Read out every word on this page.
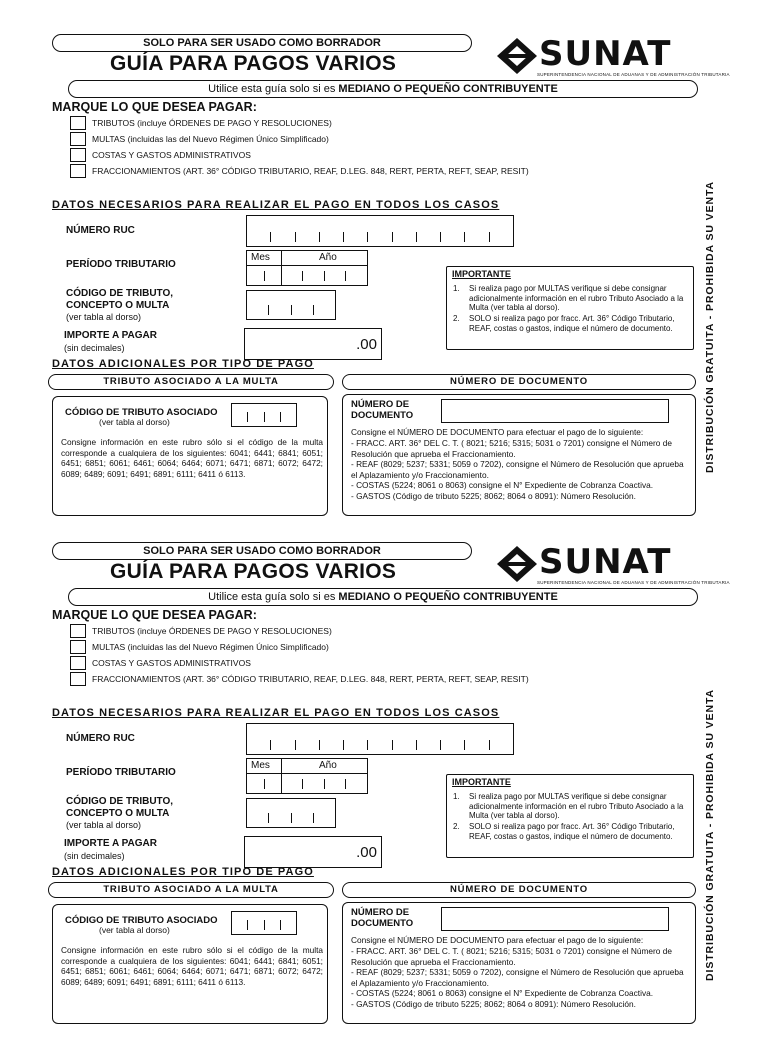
SOLO PARA SER USADO COMO BORRADOR
GUÍA PARA PAGOS VARIOS	SUNAT
SUPERINTENDENCIA NACIONAL DE ADUANAS Y DE ADMINISTRACIÓN TRIBUTARIA
Utilice esta guía solo si es MEDIANO O PEQUEÑO CONTRIBUYENTE
MARQUE LO QUE DESEA PAGAR:
TRIBUTOS (incluye ÓRDENES DE PAGO Y RESOLUCIONES)
MULTAS (incluidas las del Nuevo Régimen Único Simplificado)
COSTAS Y GASTOS ADMINISTRATIVOS
FRACCIONAMIENTOS (ART. 36° CÓDIGO TRIBUTARIO, REAF, D.LEG. 848, RERT, PERTA, REFT, SEAP, RESIT)
DATOS NECESARIOS PARA REALIZAR EL PAGO EN TODOS LOS CASOS
NÚMERO RUC
PERÍODO TRIBUTARIO
Mes	Año
CÓDIGO DE TRIBUTO,
CONCEPTO O MULTA
(ver tabla al dorso)
IMPORTE A PAGAR
(sin decimales)	.00
IMPORTANTE
1. Si realiza pago por MULTAS verifique si debe consignar adicionalmente información en el rubro Tributo Asociado a la Multa (ver tabla al dorso).
2. SOLO si realiza pago por fracc. Art. 36° Código Tributario, REAF, costas o gastos, indique el número de documento.
DATOS ADICIONALES POR TIPO DE PAGO
TRIBUTO ASOCIADO A LA MULTA	NÚMERO DE DOCUMENTO
CÓDIGO DE TRIBUTO ASOCIADO
(ver tabla al dorso)
Consigne información en este rubro sólo si el código de la multa corresponde a cualquiera de los siguientes: 6041; 6441; 6841; 6051; 6451; 6851; 6061; 6461; 6064; 6464; 6071; 6471; 6871; 6072; 6472; 6089; 6489; 6091; 6491; 6891; 6111; 6411 ó 6113.
NÚMERO DE
DOCUMENTO
Consigne el NÚMERO DE DOCUMENTO para efectuar el pago de lo siguiente:
- FRACC. ART. 36° DEL C. T. ( 8021; 5216; 5315; 5031 o 7201) consigne el Número de Resolución que aprueba el Fraccionamiento.
- REAF (8029; 5237; 5331; 5059 o 7202), consigne el Número de Resolución que aprueba el Aplazamiento y/o Fraccionamiento.
- COSTAS (5224; 8061 o 8063) consigne el N° Expediente de Cobranza Coactiva.
- GASTOS (Código de tributo 5225; 8062; 8064 o 8091): Número Resolución.
DISTRIBUCIÓN GRATUITA - PROHIBIDA SU VENTA
SOLO PARA SER USADO COMO BORRADOR
GUÍA PARA PAGOS VARIOS	SUNAT
SUPERINTENDENCIA NACIONAL DE ADUANAS Y DE ADMINISTRACIÓN TRIBUTARIA
Utilice esta guía solo si es MEDIANO O PEQUEÑO CONTRIBUYENTE
MARQUE LO QUE DESEA PAGAR:
TRIBUTOS (incluye ÓRDENES DE PAGO Y RESOLUCIONES)
MULTAS (incluidas las del Nuevo Régimen Único Simplificado)
COSTAS Y GASTOS ADMINISTRATIVOS
FRACCIONAMIENTOS (ART. 36° CÓDIGO TRIBUTARIO, REAF, D.LEG. 848, RERT, PERTA, REFT, SEAP, RESIT)
DATOS NECESARIOS PARA REALIZAR EL PAGO EN TODOS LOS CASOS
NÚMERO RUC
PERÍODO TRIBUTARIO
Mes	Año
CÓDIGO DE TRIBUTO,
CONCEPTO O MULTA
(ver tabla al dorso)
IMPORTE A PAGAR
(sin decimales)	.00
IMPORTANTE
1. Si realiza pago por MULTAS verifique si debe consignar adicionalmente información en el rubro Tributo Asociado a la Multa (ver tabla al dorso).
2. SOLO si realiza pago por fracc. Art. 36° Código Tributario, REAF, costas o gastos, indique el número de documento.
DATOS ADICIONALES POR TIPO DE PAGO
TRIBUTO ASOCIADO A LA MULTA	NÚMERO DE DOCUMENTO
CÓDIGO DE TRIBUTO ASOCIADO
(ver tabla al dorso)
Consigne información en este rubro sólo si el código de la multa corresponde a cualquiera de los siguientes: 6041; 6441; 6841; 6051; 6451; 6851; 6061; 6461; 6064; 6464; 6071; 6471; 6871; 6072; 6472; 6089; 6489; 6091; 6491; 6891; 6111; 6411 ó 6113.
NÚMERO DE
DOCUMENTO
Consigne el NÚMERO DE DOCUMENTO para efectuar el pago de lo siguiente:
- FRACC. ART. 36° DEL C. T. ( 8021; 5216; 5315; 5031 o 7201) consigne el Número de Resolución que aprueba el Fraccionamiento.
- REAF (8029; 5237; 5331; 5059 o 7202), consigne el Número de Resolución que aprueba el Aplazamiento y/o Fraccionamiento.
- COSTAS (5224; 8061 o 8063) consigne el N° Expediente de Cobranza Coactiva.
- GASTOS (Código de tributo 5225; 8062; 8064 o 8091): Número Resolución.
DISTRIBUCIÓN GRATUITA - PROHIBIDA SU VENTA
